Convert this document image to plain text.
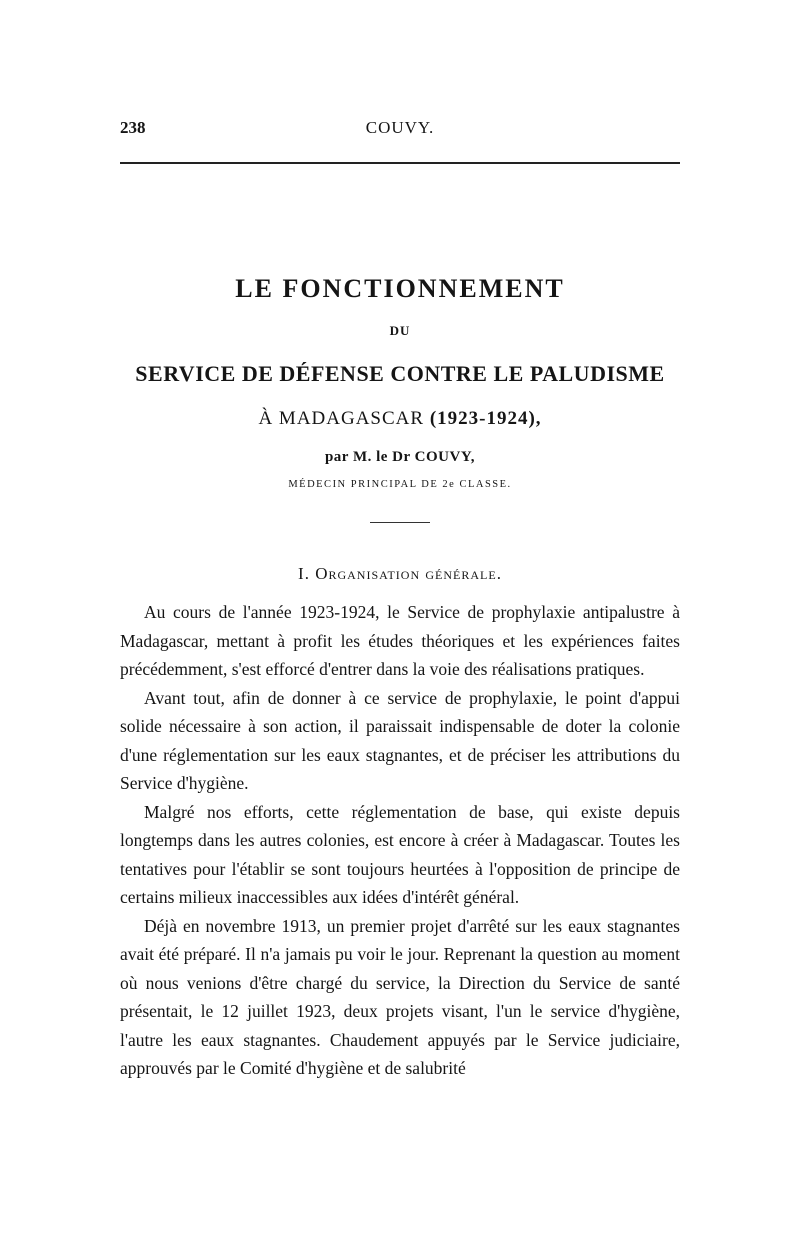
238	COUVY.
LE FONCTIONNEMENT
DU
SERVICE DE DÉFENSE CONTRE LE PALUDISME
À MADAGASCAR (1923-1924),
par M. le Dr COUVY,
MÉDECIN PRINCIPAL DE 2e CLASSE.
I. Organisation générale.

Au cours de l'année 1923-1924, le Service de prophylaxie antipalustre à Madagascar, mettant à profit les études théoriques et les expériences faites précédemment, s'est efforcé d'entrer dans la voie des réalisations pratiques.

Avant tout, afin de donner à ce service de prophylaxie, le point d'appui solide nécessaire à son action, il paraissait indispensable de doter la colonie d'une réglementation sur les eaux stagnantes, et de préciser les attributions du Service d'hygiène.

Malgré nos efforts, cette réglementation de base, qui existe depuis longtemps dans les autres colonies, est encore à créer à Madagascar. Toutes les tentatives pour l'établir se sont toujours heurtées à l'opposition de principe de certains milieux inaccessibles aux idées d'intérêt général.

Déjà en novembre 1913, un premier projet d'arrêté sur les eaux stagnantes avait été préparé. Il n'a jamais pu voir le jour. Reprenant la question au moment où nous venions d'être chargé du service, la Direction du Service de santé présentait, le 12 juillet 1923, deux projets visant, l'un le service d'hygiène, l'autre les eaux stagnantes. Chaudement appuyés par le Service judiciaire, approuvés par le Comité d'hygiène et de salubrité
